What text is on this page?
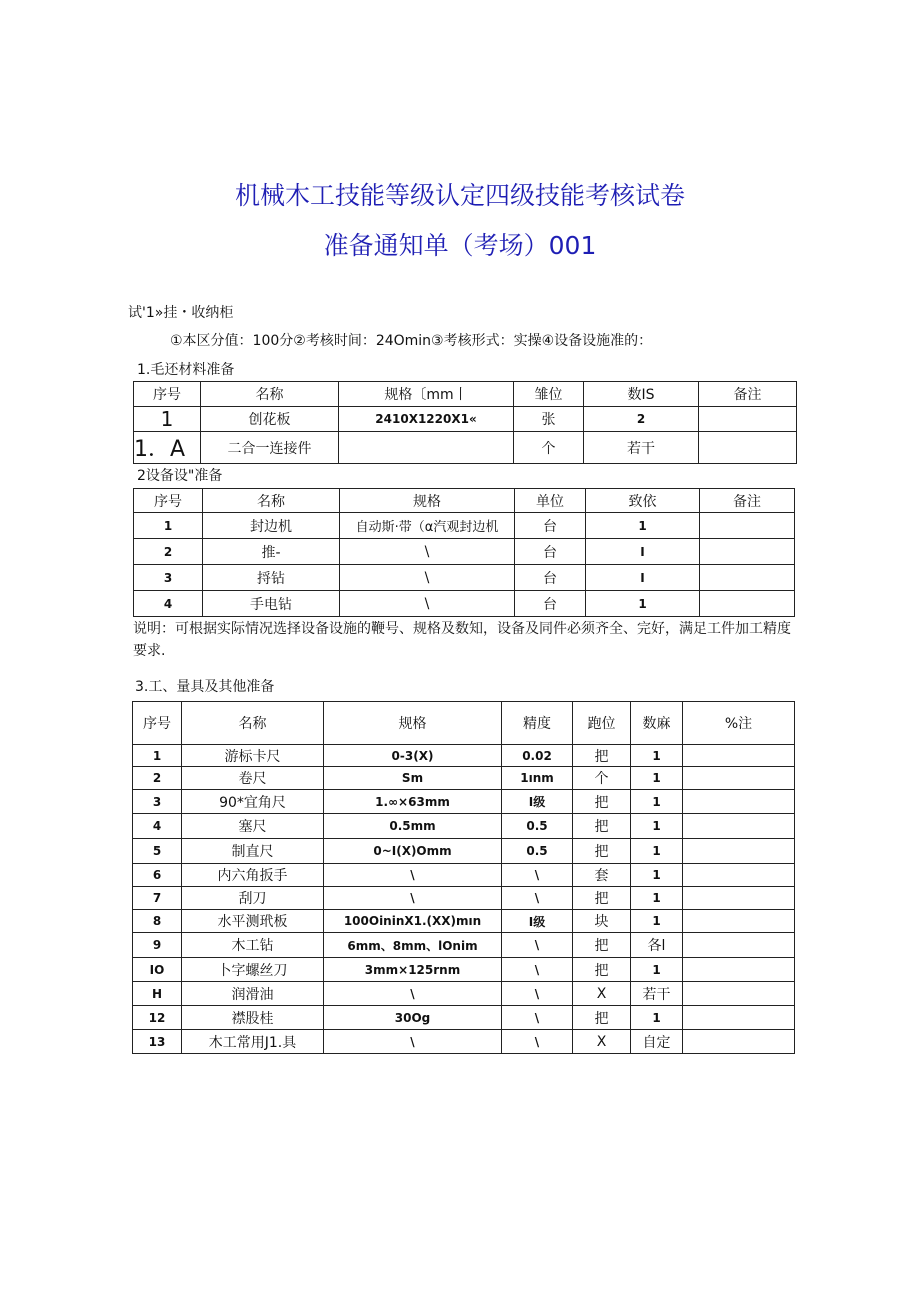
机械木工技能等级认定四级技能考核试卷
准备通知单（考场）001
试'1»挂・收纳柜
①本区分值：100分②考核时间：24Omin③考核形式：实操④设备设施准的：
1.毛还材料准备
序号	名称	规格〔mm丨	雏位	数IS	备注
1	创花板	2410X1220X1«	张	2	
1．A	二合一连接件		个	若干	
2设备设"准备
序号	名称	规格	单位	致依	备注
1	封边机	自动斯·带（α汽观封边机	台	1	
2	推-	\	台	I	
3	捋钻	\	台	I	
4	手电钻	\	台	1	
说明：可根据实际情况选择设备设施的鞭号、规格及数知，设备及同件必须齐全、完好，满足工件加工精度要求.
3.工、量具及其他准备
序号	名称	规格	精度	跑位	数麻	%注
1	游标卡尺	0-3(X)	0.02	把	1	
2	卷尺	Sm	1ınm	个	1	
3	90*宜角尺	1.∞×63mm	I级	把	1	
4	塞尺	0.5mm	0.5	把	1	
5	制直尺	0~I(X)Omm	0.5	把	1	
6	内六角扳手	\	\	套	1	
7	刮刀	\	\	把	1	
8	水平测玳板	100OininX1.(XX)mın	I级	块	1	
9	木工钻	6mm、8mm、lOnim	\	把	各l	
IO	卜字螺丝刀	3mm×125rnm	\	把	1	
H	润滑油	\	\	X	若干	
12	襟股桂	30Og	\	把	1	
13	木工常用J1.具	\	\	X	自定	
